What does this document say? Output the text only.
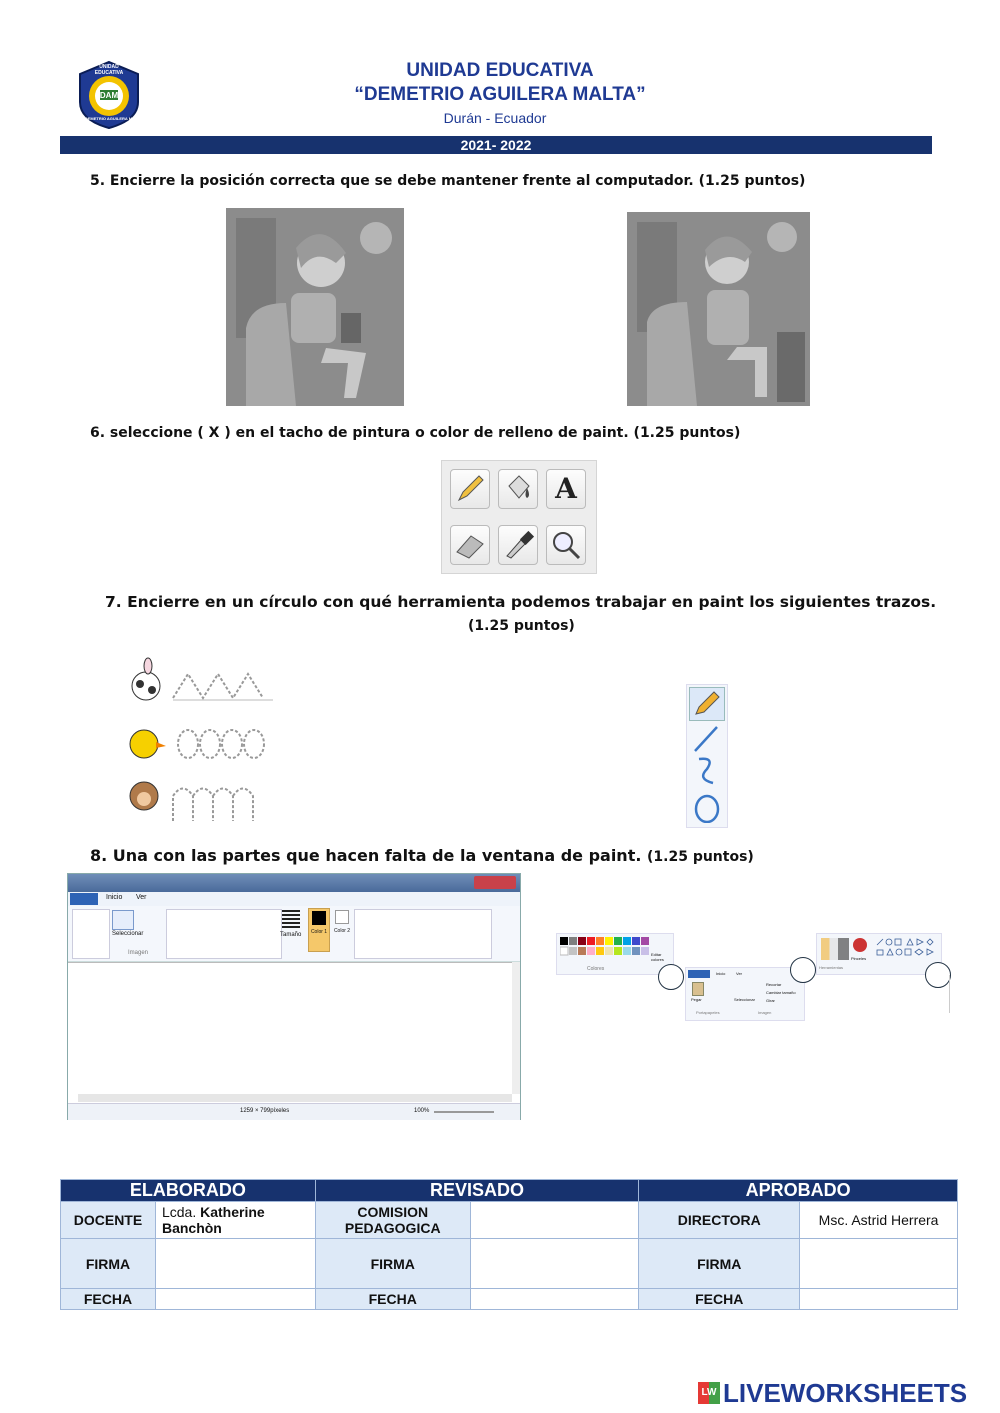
UNIDAD EDUCATIVA
DAM
DEMETRIO AGUILERA M.
UNIDAD EDUCATIVA
“DEMETRIO AGUILERA MALTA”
Durán - Ecuador
2021- 2022
5. Encierre la posición correcta que se debe mantener frente al computador. (1.25 puntos)
6. seleccione ( X ) en el tacho de pintura o color de relleno de paint. (1.25 puntos)
A
7. Encierre en un círculo con qué herramienta podemos trabajar en paint los siguientes trazos.
(1.25 puntos)
8. Una con las partes que hacen falta de la ventana de paint. (1.25 puntos)
Inicio Ver
Seleccionar
Imagen
Tamaño	Color 1	Color 2
1259 × 799píxeles	100%
Editar colores
Colores
Inicio	Ver
Pegar
Portapapeles
Seleccionar
Recortar
Cambiar tamaño
Girar
Imagen
Herramientas
Pinceles
ELABORADO		REVISADO		APROBADO	
DOCENTE	Lcda. Katherine Banchòn	COMISION PEDAGOGICA		DIRECTORA	Msc. Astrid Herrera
FIRMA		FIRMA		FIRMA	
FECHA		FECHA		FECHA	
LW LIVEWORKSHEETS
